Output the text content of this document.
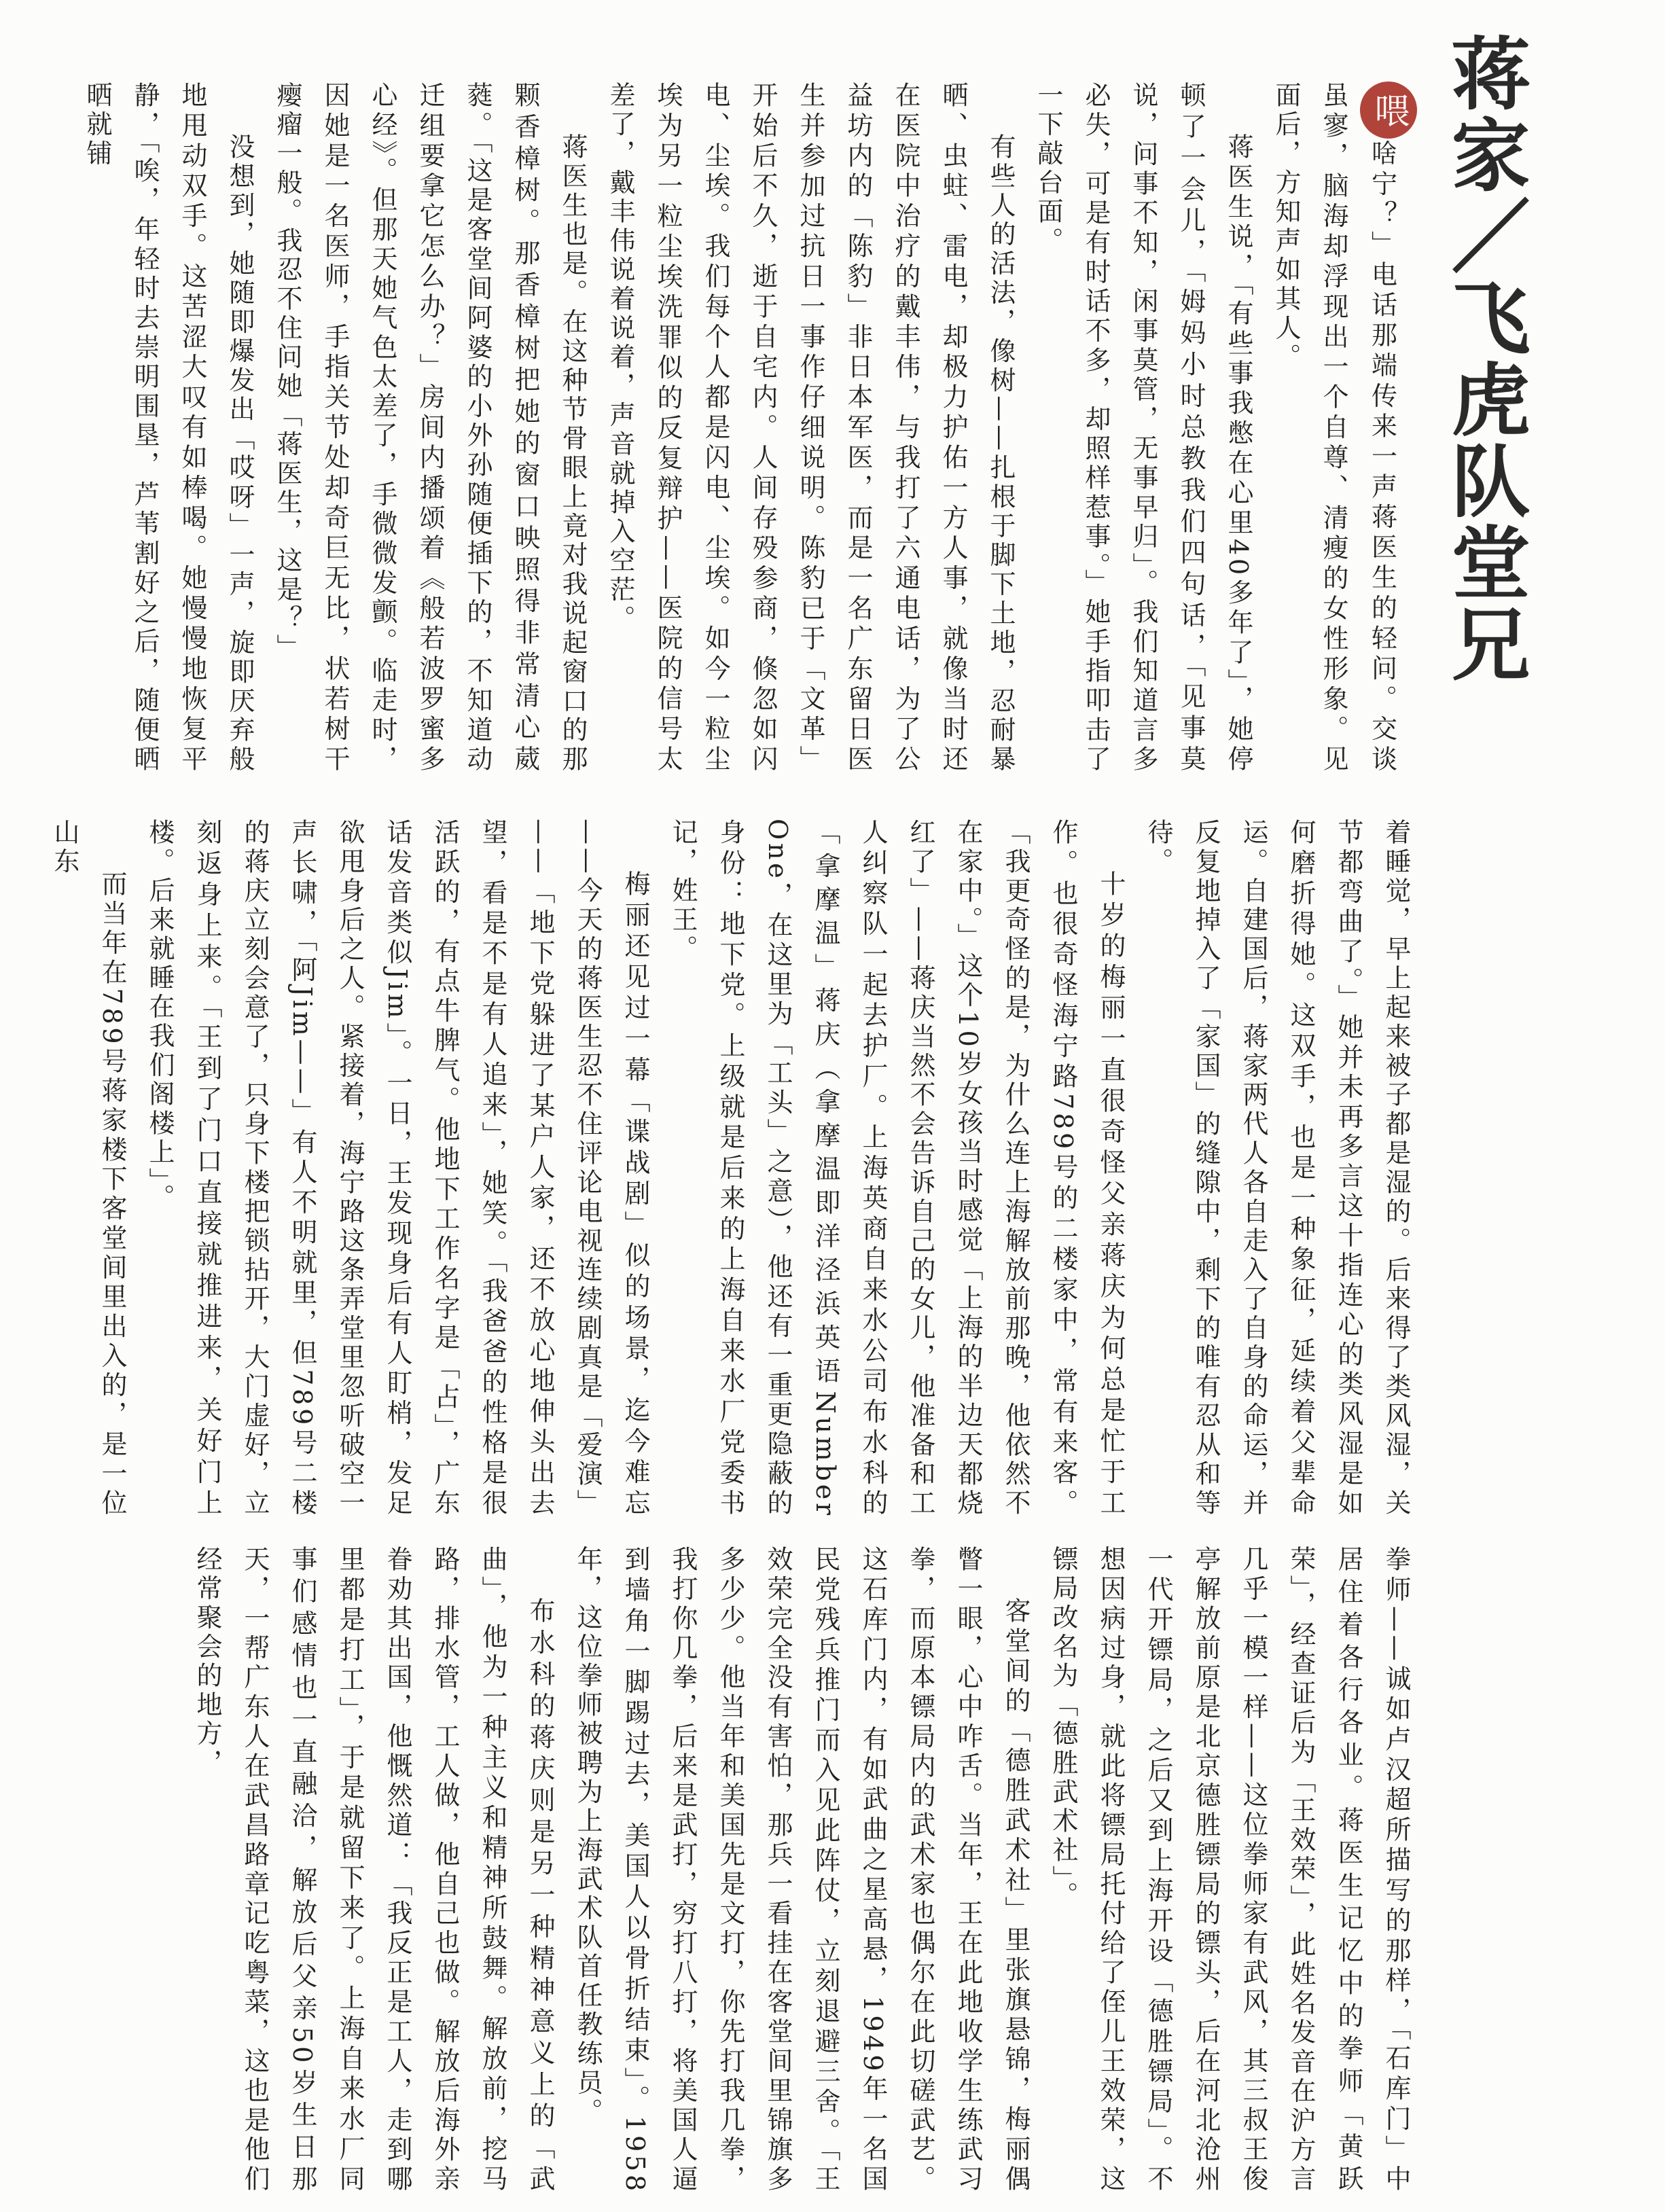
蒋家／飞虎队堂兄

喂啥宁？」电话那端传来一声蒋医生的轻问。交谈虽寥，脑海却浮现出一个自尊、清瘦的女性形象。见面后，方知声如其人。

蒋医生说，「有些事我憋在心里40多年了」，她停顿了一会儿，「姆妈小时总教我们四句话，「见事莫说，问事不知，闲事莫管，无事早归」。我们知道言多必失，可是有时话不多，却照样惹事。」她手指叩击了一下敲台面。

有些人的活法，像树——扎根于脚下土地，忍耐暴晒、虫蛀、雷电，却极力护佑一方人事，就像当时还在医院中治疗的戴丰伟，与我打了六通电话，为了公益坊内的「陈豹」非日本军医，而是一名广东留日医生并参加过抗日一事作仔细说明。陈豹已于「文革」开始后不久，逝于自宅内。人间存殁参商，倏忽如闪电、尘埃。我们每个人都是闪电、尘埃。如今一粒尘埃为另一粒尘埃洗罪似的反复辩护——医院的信号太差了，戴丰伟说着说着，声音就掉入空茫。

蒋医生也是。在这种节骨眼上竟对我说起窗口的那颗香樟树。那香樟树把她的窗口映照得非常清心葳蕤。「这是客堂间阿婆的小外孙随便插下的，不知道动迁组要拿它怎么办？」房间内播颂着《般若波罗蜜多心经》。但那天她气色太差了，手微微发颤。临走时，因她是一名医师，手指关节处却奇巨无比，状若树干瘿瘤一般。我忍不住问她「蒋医生，这是？」

没想到，她随即爆发出「哎呀」一声，旋即厌弃般地甩动双手。这苦涩大叹有如棒喝。她慢慢地恢复平静，「唉，年轻时去崇明围垦，芦苇割好之后，随便晒晒就铺

着睡觉，早上起来被子都是湿的。后来得了类风湿，关节都弯曲了。」她并未再多言这十指连心的类风湿是如何磨折得她。这双手，也是一种象征，延续着父辈命运。自建国后，蒋家两代人各自走入了自身的命运，并反复地掉入了「家国」的缝隙中，剩下的唯有忍从和等待。

十岁的梅丽一直很奇怪父亲蒋庆为何总是忙于工作。也很奇怪海宁路789号的二楼家中，常有来客。「我更奇怪的是，为什么连上海解放前那晚，他依然不在家中。」这个10岁女孩当时感觉「上海的半边天都烧红了」——蒋庆当然不会告诉自己的女儿，他准备和工人纠察队一起去护厂。上海英商自来水公司布水科的「拿摩温」蒋庆（拿摩温即洋泾浜英语Number One，在这里为「工头」之意），他还有一重更隐蔽的身份：地下党。上级就是后来的上海自来水厂党委书记，姓王。

梅丽还见过一幕「谍战剧」似的场景，迄今难忘——今天的蒋医生忍不住评论电视连续剧真是「爱演」——「地下党躲进了某户人家，还不放心地伸头出去望，看是不是有人追来」，她笑。「我爸爸的性格是很活跃的，有点牛脾气。他地下工作名字是「占」，广东话发音类似Jim」。一日，王发现身后有人盯梢，发足欲甩身后之人。紧接着，海宁路这条弄堂里忽听破空一声长啸，「阿Jim——」有人不明就里，但789号二楼的蒋庆立刻会意了，只身下楼把锁拈开，大门虚好，立刻返身上来。「王到了门口直接就推进来，关好门上楼。后来就睡在我们阁楼上」。

而当年在789号蒋家楼下客堂间里出入的，是一位山东

拳师——诚如卢汉超所描写的那样，「石库门」中居住着各行各业。蒋医生记忆中的拳师「黄跃荣」，经查证后为「王效荣」，此姓名发音在沪方言几乎一模一样——这位拳师家有武风，其三叔王俊亭解放前原是北京德胜镖局的镖头，后在河北沧州一代开镖局，之后又到上海开设「德胜镖局」。不想因病过身，就此将镖局托付给了侄儿王效荣，这镖局改名为「德胜武术社」。

客堂间的「德胜武术社」里张旗悬锦，梅丽偶瞥一眼，心中咋舌。当年，王在此地收学生练武习拳，而原本镖局内的武术家也偶尔在此切磋武艺。这石库门内，有如武曲之星高悬，1949年一名国民党残兵推门而入见此阵仗，立刻退避三舍。「王效荣完全没有害怕，那兵一看挂在客堂间里锦旗多多少少。他当年和美国先是文打，你先打我几拳，我打你几拳，后来是武打，穷打八打，将美国人逼到墙角一脚踢过去，美国人以骨折结束」。1958年，这位拳师被聘为上海武术队首任教练员。

布水科的蒋庆则是另一种精神意义上的「武曲」，他为一种主义和精神所鼓舞。解放前，挖马路，排水管，工人做，他自己也做。解放后海外亲眷劝其出国，他慨然道：「我反正是工人，走到哪里都是打工」，于是就留下来了。上海自来水厂同事们感情也一直融洽，解放后父亲50岁生日那天，一帮广东人在武昌路章记吃粤菜，这也是他们经常聚会的地方，
